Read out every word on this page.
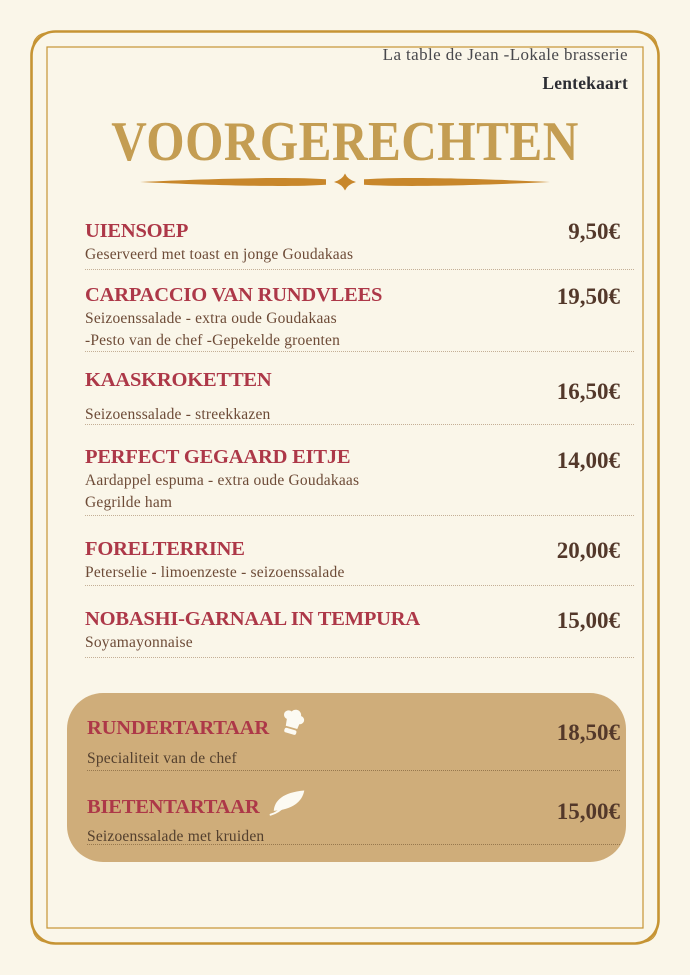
La table de Jean -Lokale brasserie
Lentekaart
VOORGERECHTEN
UIENSOEP
Geserveerd met toast en jonge Goudakaas
9,50€
CARPACCIO VAN RUNDVLEES
Seizoenssalade - extra oude Goudakaas
-Pesto van de chef -Gepekelde groenten
19,50€
KAASKROKETTEN
Seizoenssalade - streekkazen
16,50€
PERFECT GEGAARD EITJE
Aardappel espuma - extra oude Goudakaas
Gegrilde ham
14,00€
FORELTERRINE
Peterselie - limoenzeste - seizoenssalade
20,00€
NOBASHI-GARNAAL IN TEMPURA
Soyamayonnaise
15,00€
RUNDERTARTAAR
Specialiteit van de chef
18,50€
BIETENTARTAAR
Seizoenssalade met kruiden
15,00€
